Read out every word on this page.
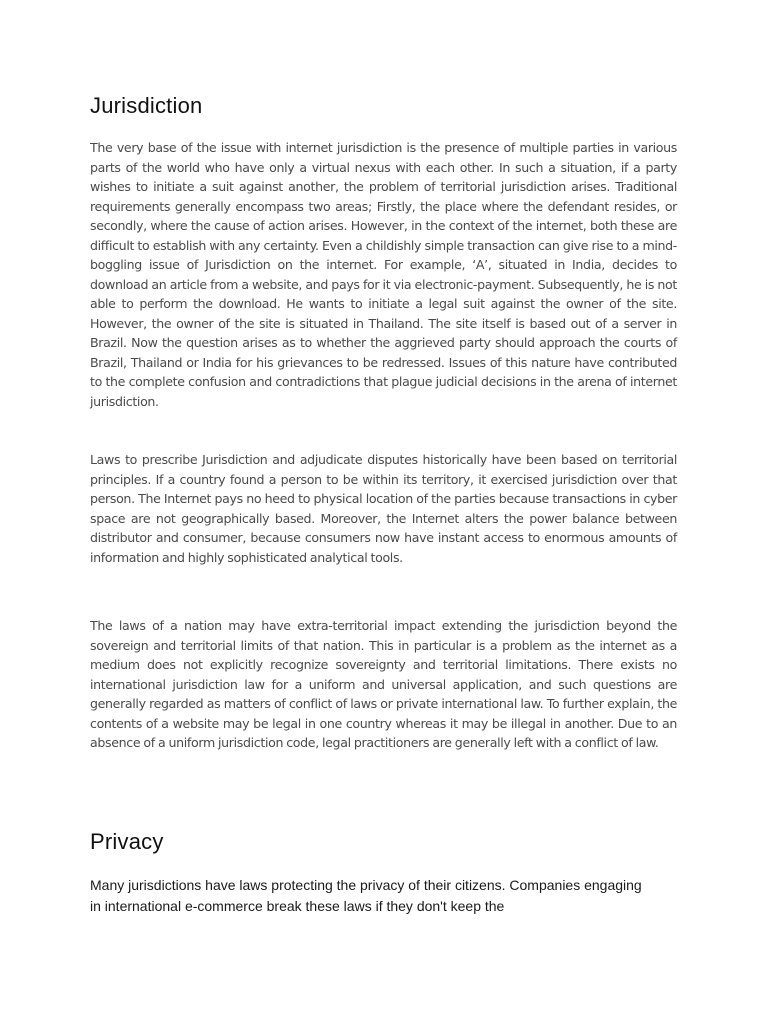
Jurisdiction

The very base of the issue with internet jurisdiction is the presence of multiple parties in various parts of the world who have only a virtual nexus with each other. In such a situation, if a party wishes to initiate a suit against another, the problem of territorial jurisdiction arises. Traditional requirements generally encompass two areas; Firstly, the place where the defendant resides, or secondly, where the cause of action arises. However, in the context of the internet, both these are difficult to establish with any certainty. Even a childishly simple transaction can give rise to a mind-boggling issue of Jurisdiction on the internet. For example, ‘A’, situated in India, decides to download an article from a website, and pays for it via electronic-payment. Subsequently, he is not able to perform the download. He wants to initiate a legal suit against the owner of the site. However, the owner of the site is situated in Thailand. The site itself is based out of a server in Brazil. Now the question arises as to whether the aggrieved party should approach the courts of Brazil, Thailand or India for his grievances to be redressed. Issues of this nature have contributed to the complete confusion and contradictions that plague judicial decisions in the arena of internet jurisdiction.

Laws to prescribe Jurisdiction and adjudicate disputes historically have been based on territorial principles. If a country found a person to be within its territory, it exercised jurisdiction over that person. The Internet pays no heed to physical location of the parties because transactions in cyber space are not geographically based. Moreover, the Internet alters the power balance between distributor and consumer, because consumers now have instant access to enormous amounts of information and highly sophisticated analytical tools.

The laws of a nation may have extra-territorial impact extending the jurisdiction beyond the sovereign and territorial limits of that nation. This in particular is a problem as the internet as a medium does not explicitly recognize sovereignty and territorial limitations. There exists no international jurisdiction law for a uniform and universal application, and such questions are generally regarded as matters of conflict of laws or private international law. To further explain, the contents of a website may be legal in one country whereas it may be illegal in another. Due to an absence of a uniform jurisdiction code, legal practitioners are generally left with a conflict of law.

Privacy

Many jurisdictions have laws protecting the privacy of their citizens. Companies engaging in international e-commerce break these laws if they don't keep the
